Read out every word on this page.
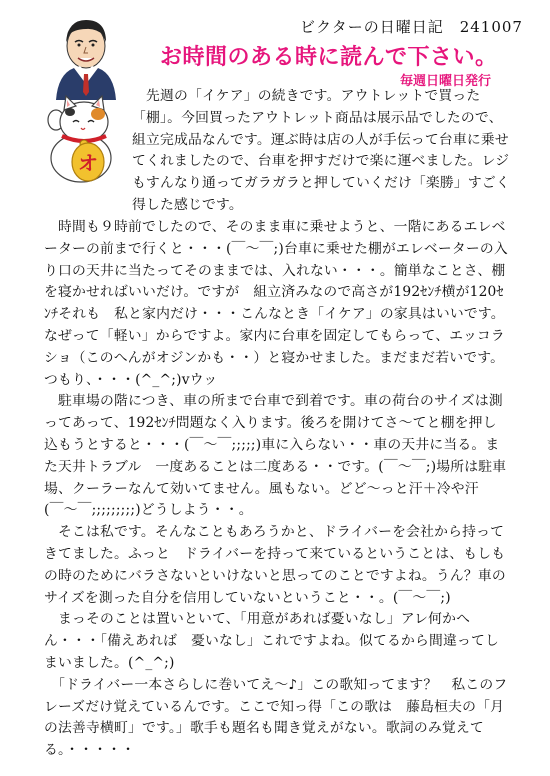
ビクターの日曜日記　241007
オ
お時間のある時に読んで下さい。
毎週日曜日発行

　先週の「イケア」の続きです。アウトレットで買った「棚」。今回買ったアウトレット商品は展示品でしたので、組立完成品なんです。運ぶ時は店の人が手伝って台車に乗せてくれましたので、台車を押すだけで楽に運べました。レジもすんなり通ってガラガラと押していくだけ「楽勝」すごく得した感じです。

　時間も９時前でしたので、そのまま車に乗せようと、一階にあるエレベーターの前まで行くと・・・(￣～￣;)台車に乗せた棚がエレベーターの入り口の天井に当たってそのままでは、入れない・・・。簡単なことさ、棚を寝かせればいいだけ。ですが　組立済みなので高さが192ｾﾝﾁ横が120ｾﾝﾁそれも　私と家内だけ・・・こんなとき「イケア」の家具はいいです。なぜって「軽い」からですよ。家内に台車を固定してもらって、エッコラショ（このへんがオジンかも・・）と寝かせました。まだまだ若いです。つもり、・・・(^_^;)vウッ

　駐車場の階につき、車の所まで台車で到着です。車の荷台のサイズは測ってあって、192ｾﾝﾁ問題なく入ります。後ろを開けてさ～てと棚を押し込もうとすると・・・(￣～￣;;;;;)車に入らない・・車の天井に当る。また天井トラブル　一度あることは二度ある・・です。(￣～￣;)場所は駐車場、クーラーなんて効いてません。風もない。どど～っと汗＋冷や汗　(￣～￣;;;;;;;;;)どうしよう・・。

　そこは私です。そんなこともあろうかと、ドライバーを会社から持ってきてました。ふっと　ドライバーを持って来ているということは、もしもの時のためにバラさないといけないと思ってのことですよね。うん？車のサイズを測った自分を信用していないということ・・。(￣～￣;)

　まっそのことは置いといて、「用意があれば憂いなし」アレ何かへん・・・「備えあれば　憂いなし」これですよね。似てるから間違ってしまいました。(^_^;)

　「ドライバー一本さらしに巻いてえ～♪」この歌知ってます？　私このフレーズだけ覚えているんです。ここで知っ得「この歌は　藤島桓夫の「月の法善寺横町」です。」歌手も題名も聞き覚えがない。歌詞のみ覚えてる。・・・・・
